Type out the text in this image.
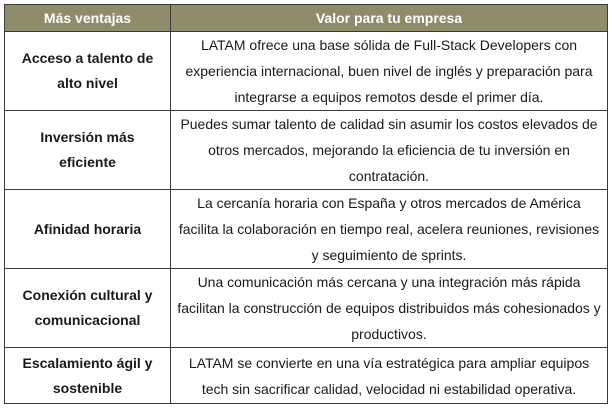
Más ventajas	Valor para tu empresa
Acceso a talento de alto nivel	LATAM ofrece una base sólida de Full-Stack Developers con experiencia internacional, buen nivel de inglés y preparación para integrarse a equipos remotos desde el primer día.
Inversión más eficiente	Puedes sumar talento de calidad sin asumir los costos elevados de otros mercados, mejorando la eficiencia de tu inversión en contratación.
Afinidad horaria	La cercanía horaria con España y otros mercados de América facilita la colaboración en tiempo real, acelera reuniones, revisiones y seguimiento de sprints.
Conexión cultural y comunicacional	Una comunicación más cercana y una integración más rápida facilitan la construcción de equipos distribuidos más cohesionados y productivos.
Escalamiento ágil y sostenible	LATAM se convierte en una vía estratégica para ampliar equipos tech sin sacrificar calidad, velocidad ni estabilidad operativa.
